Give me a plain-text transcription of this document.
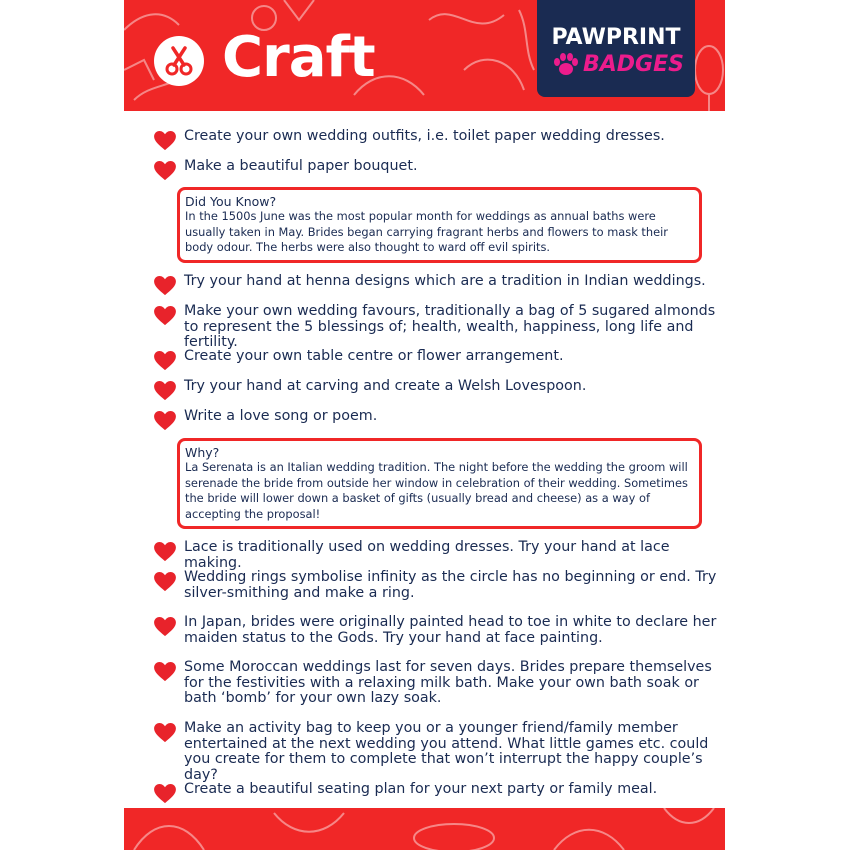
Craft	PAWPRINT
BADGES
Create your own wedding outfits, i.e. toilet paper wedding dresses.
Make a beautiful paper bouquet.
Did You Know?
In the 1500s June was the most popular month for weddings as annual baths were usually taken in May. Brides began carrying fragrant herbs and flowers to mask their body odour. The herbs were also thought to ward off evil spirits.
Try your hand at henna designs which are a tradition in Indian weddings.
Make your own wedding favours, traditionally a bag of 5 sugared almonds to represent the 5 blessings of; health, wealth, happiness, long life and fertility.
Create your own table centre or flower arrangement.
Try your hand at carving and create a Welsh Lovespoon.
Write a love song or poem.
Why?
La Serenata is an Italian wedding tradition. The night before the wedding the groom will serenade the bride from outside her window in celebration of their wedding. Sometimes the bride will lower down a basket of gifts (usually bread and cheese) as a way of accepting the proposal!
Lace is traditionally used on wedding dresses. Try your hand at lace making.
Wedding rings symbolise infinity as the circle has no beginning or end. Try silver-smithing and make a ring.
In Japan, brides were originally painted head to toe in white to declare her maiden status to the Gods. Try your hand at face painting.
Some Moroccan weddings last for seven days. Brides prepare themselves for the festivities with a relaxing milk bath. Make your own bath soak or bath ‘bomb’ for your own lazy soak.
Make an activity bag to keep you or a younger friend/family member entertained at the next wedding you attend. What little games etc. could you create for them to complete that won’t interrupt the happy couple’s day?
Create a beautiful seating plan for your next party or family meal.
